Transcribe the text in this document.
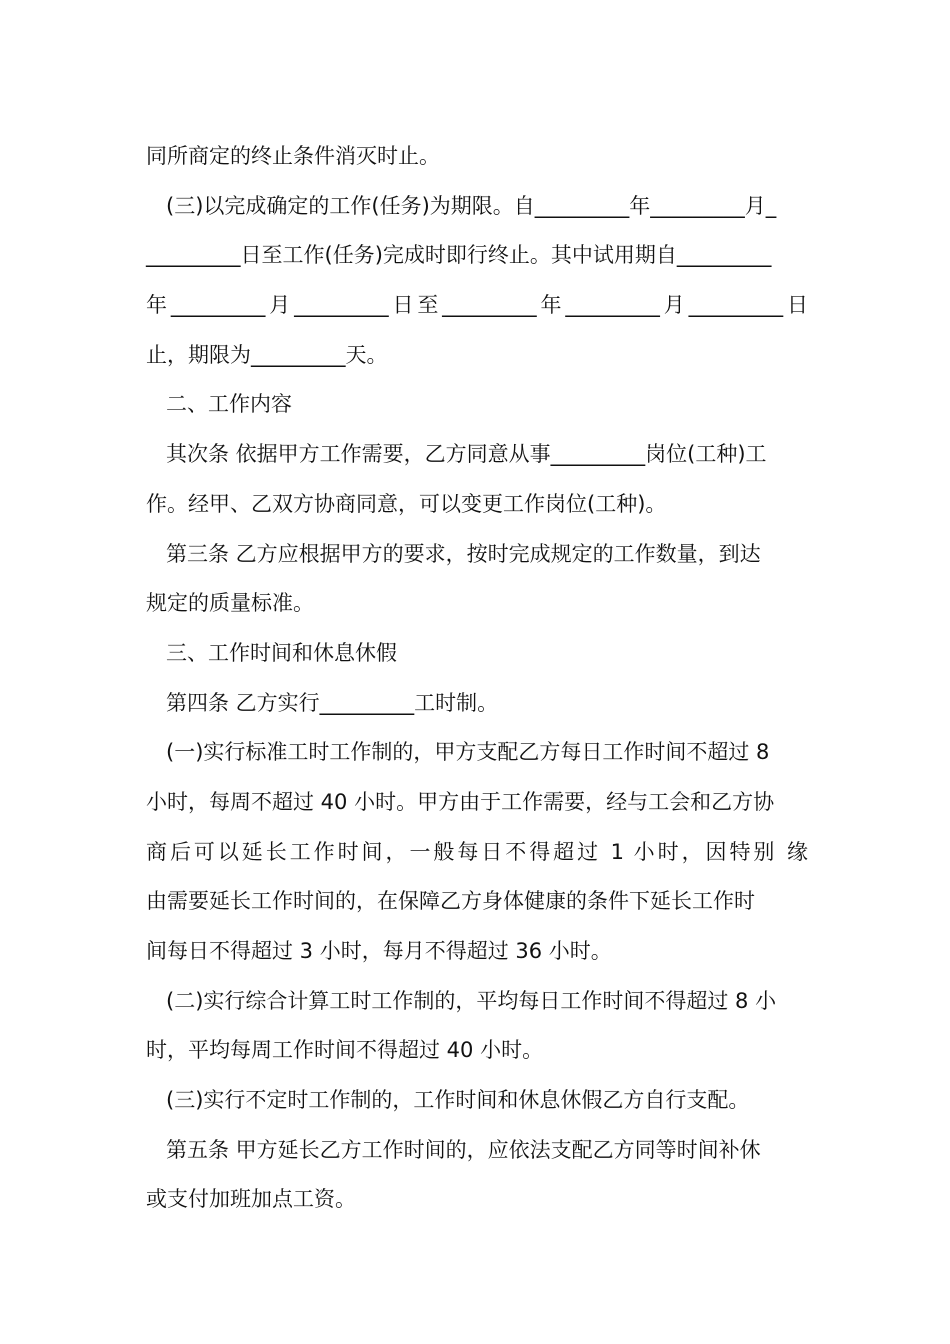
同所商定的终止条件消灭时止。
(三)以完成确定的工作(任务)为期限。自_________年_________月_
_________日至工作(任务)完成时即行终止。其中试用期自_________
年_________月_________日至_________年_________月_________日
止，期限为_________天。
二、工作内容
其次条 依据甲方工作需要，乙方同意从事_________岗位(工种)工
作。经甲、乙双方协商同意，可以变更工作岗位(工种)。
第三条 乙方应根据甲方的要求，按时完成规定的工作数量，到达
规定的质量标准。
三、工作时间和休息休假
第四条 乙方实行_________工时制。
(一)实行标准工时工作制的，甲方支配乙方每日工作时间不超过 8
小时，每周不超过 40 小时。甲方由于工作需要，经与工会和乙方协
商后可以延长工作时间，一般每日不得超过 1 小时，因特别 缘
由需要延长工作时间的，在保障乙方身体健康的条件下延长工作时
间每日不得超过 3 小时，每月不得超过 36 小时。
(二)实行综合计算工时工作制的，平均每日工作时间不得超过 8 小
时，平均每周工作时间不得超过 40 小时。
(三)实行不定时工作制的，工作时间和休息休假乙方自行支配。
第五条 甲方延长乙方工作时间的，应依法支配乙方同等时间补休
或支付加班加点工资。
